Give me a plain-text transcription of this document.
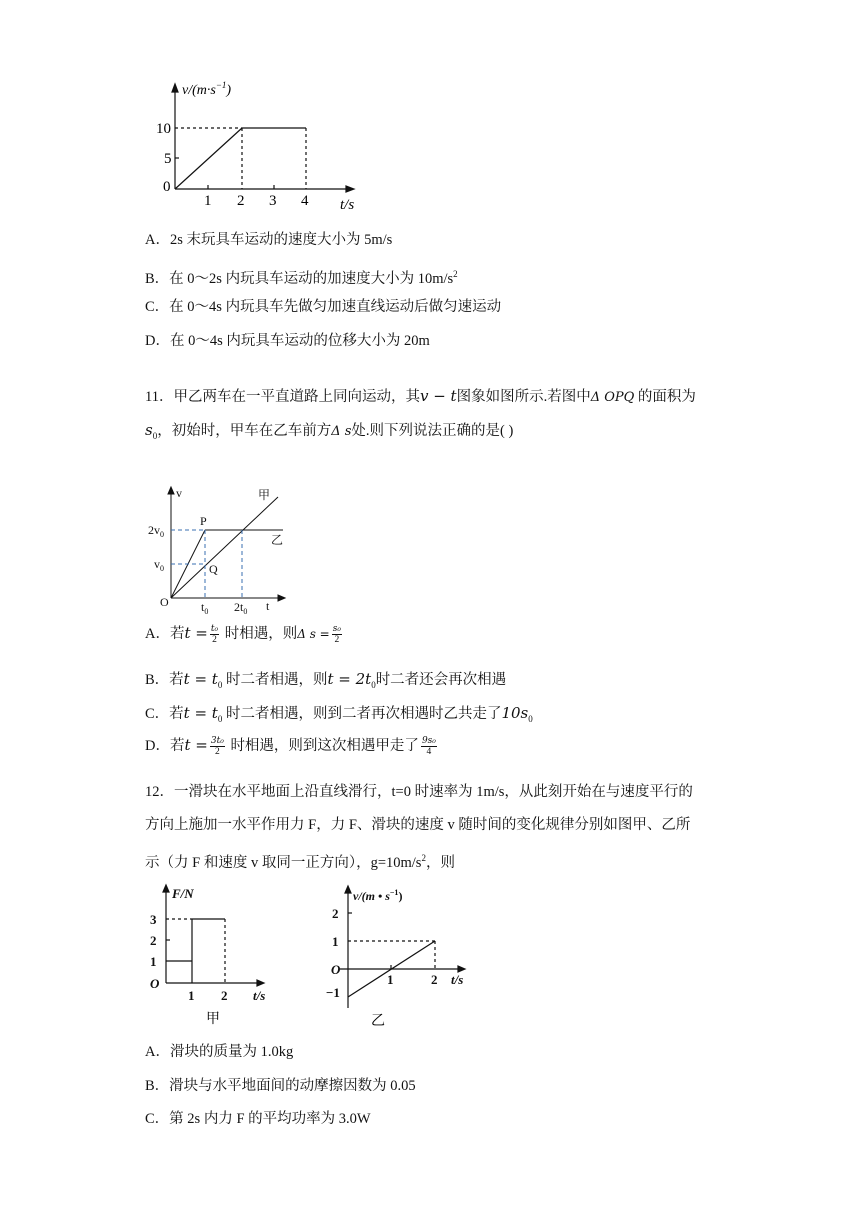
$v/(m\cdot s^{-1})$
10
5
0
1 2 3 4 t/s
A．2s 末玩具车运动的速度大小为 5m/s
B．在 0～2s 内玩具车运动的加速度大小为 $10m/s^2$
C．在 0～4s 内玩具车先做匀加速直线运动后做匀速运动
D．在 0～4s 内玩具车运动的位移大小为 20m
11．甲乙两车在一平直道路上同向运动，其v − t图象如图所示.若图中Δ OPQ 的面积为
$s_0$，初始时，甲车在乙车前方Δ s处.则下列说法正确的是( )
v	甲
乙
P
Q
O
$2v_0$
$v_0$
$t_0$ $2t_0$ t
A．若$t = \frac{\text{t₀}}{2}$ 时相遇，则Δ $s = \frac{\text{s₀}}{2}$
B．若$t = t_0$ 时二者相遇，则$t = 2t_0$时二者还会再次相遇
C．若$t = t_0$ 时二者相遇，则到二者再次相遇时乙共走了$10s_0$
D．若$t = \frac{\text{3t₀}}{2}$ 时相遇，则到这次相遇甲走了 $\frac{\text{9s₀}}{4}$
12．一滑块在水平地面上沿直线滑行，t=0 时速率为 1m/s，从此刻开始在与速度平行的
方向上施加一水平作用力 F，力 F、滑块的速度 v 随时间的变化规律分别如图甲、乙所
示（力 F 和速度 v 取同一正方向），$g=10m/s^2$，则
F/N
3
2
1
O
1 2 t/s
甲
v/(m • $s^{-1}$)
2
1
O
−1
1	2 t/s
乙
A．滑块的质量为 1.0kg
B．滑块与水平地面间的动摩擦因数为 0.05
C．第 2s 内力 F 的平均功率为 3.0W
